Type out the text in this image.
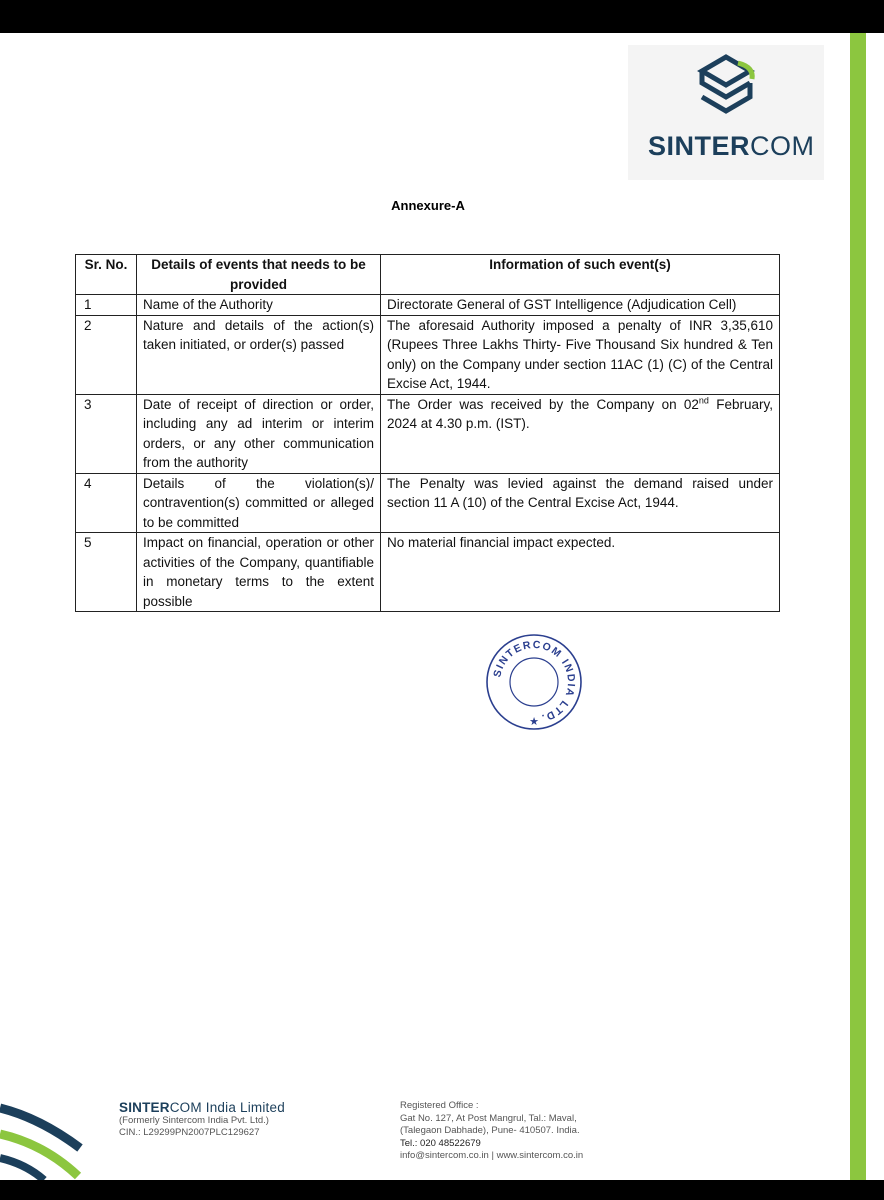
SINTERCOM
Annexure-A
Sr. No.	Details of events that needs to be provided	Information of such event(s)
1	Name of the Authority	Directorate General of GST Intelligence (Adjudication Cell)
2	Nature and details of the action(s) taken initiated, or order(s) passed	The aforesaid Authority imposed a penalty of INR 3,35,610 (Rupees Three Lakhs Thirty- Five Thousand Six hundred & Ten only) on the Company under section 11AC (1) (C) of the Central Excise Act, 1944.
3	Date of receipt of direction or order, including any ad interim or interim orders, or any other communication from the authority	The Order was received by the Company on 02nd February, 2024 at 4.30 p.m. (IST).
4	Details of the violation(s)/ contravention(s) committed or alleged to be committed	The Penalty was levied against the demand raised under section 11 A (10) of the Central Excise Act, 1944.
5	Impact on financial, operation or other activities of the Company, quantifiable in monetary terms to the extent possible	No material financial impact expected.
SINTERCOM INDIA LTD.
★
SINTERCOM India Limited
(Formerly Sintercom India Pvt. Ltd.)
CIN.: L29299PN2007PLC129627
Registered Office :
Gat No. 127, At Post Mangrul, Tal.: Maval,
(Talegaon Dabhade), Pune- 410507. India.
Tel.: 020 48522679
info@sintercom.co.in | www.sintercom.co.in
